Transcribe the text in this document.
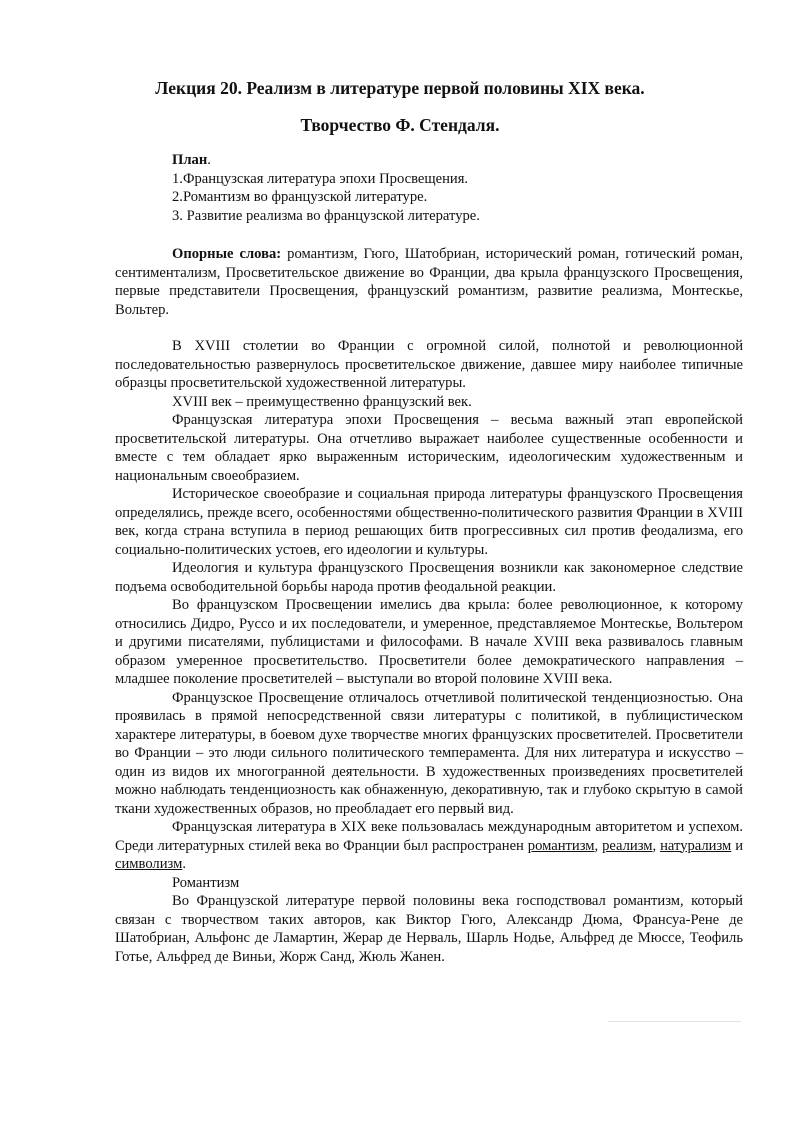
Лекция 20. Реализм в литературе первой половины XIX века.
Творчество Ф. Стендаля.
План.
1.Французская литература эпохи Просвещения.
2.Романтизм во французской литературе.
3. Развитие реализма во французской литературе.

Опорные слова: романтизм, Гюго, Шатобриан, исторический роман, готический роман, сентиментализм, Просветительское движение во Франции, два крыла французского Просвещения, первые представители Просвещения, французский романтизм, развитие реализма, Монтескье, Вольтер.

В XVIII столетии во Франции с огромной силой, полнотой и революционной последовательностью развернулось просветительское движение, давшее миру наиболее типичные образцы просветительской художественной литературы.

XVIII век – преимущественно французский век.

Французская литература эпохи Просвещения – весьма важный этап европейской просветительской литературы. Она отчетливо выражает наиболее существенные особенности и вместе с тем обладает ярко выраженным историческим, идеологическим художественным и национальным своеобразием.

Историческое своеобразие и социальная природа литературы французского Просвещения определялись, прежде всего, особенностями общественно-политического развития Франции в XVIII век, когда страна вступила в период решающих битв прогрессивных сил против феодализма, его социально-политических устоев, его идеологии и культуры.

Идеология и культура французского Просвещения возникли как закономерное следствие подъема освободительной борьбы народа против феодальной реакции.

Во французском Просвещении имелись два крыла: более революционное, к которому относились Дидро, Руссо и их последователи, и умеренное, представляемое Монтескье, Вольтером и другими писателями, публицистами и философами. В начале XVIII века развивалось главным образом умеренное просветительство. Просветители более демократического направления – младшее поколение просветителей – выступали во второй половине XVIII века.

Французское Просвещение отличалось отчетливой политической тенденциозностью. Она проявилась в прямой непосредственной связи литературы с политикой, в публицистическом характере литературы, в боевом духе творчестве многих французских просветителей. Просветители во Франции – это люди сильного политического темперамента. Для них литература и искусство – один из видов их многогранной деятельности. В художественных произведениях просветителей можно наблюдать тенденциозность как обнаженную, декоративную, так и глубоко скрытую в самой ткани художественных образов, но преобладает его первый вид.

Французская литература в XIX веке пользовалась международным авторитетом и успехом. Среди литературных стилей века во Франции был распространен романтизм, реализм, натурализм и символизм.

Романтизм

Во Французской литературе первой половины века господствовал романтизм, который связан с творчеством таких авторов, как Виктор Гюго, Александр Дюма, Франсуа-Рене де Шатобриан, Альфонс де Ламартин, Жерар де Нерваль, Шарль Нодье, Альфред де Мюссе, Теофиль Готье, Альфред де Виньи, Жорж Санд, Жюль Жанен.
